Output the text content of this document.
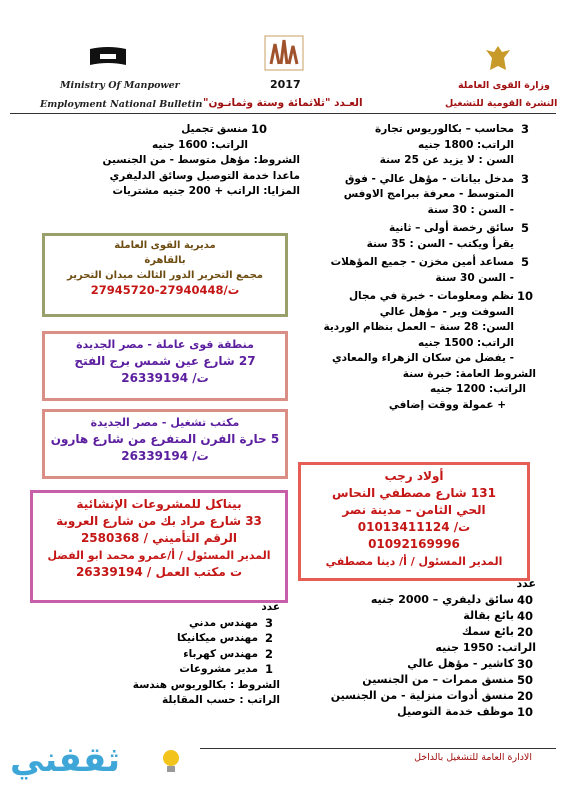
Ministry Of Manpower
Employment National Bulletin
2017
العـدد "ثلاثمائة وستة وثمانـون"
وزارة القوى العاملة
النشرة القومية للتشغيل
3
محاسب – بكالوريوس تجارة
الراتب: 1800 جنيه
السن : لا يزيد عن 25 سنة
3
مدخل بيانات - مؤهل عالي - فوق
المتوسط - معرفة ببرامج الاوفس
- السن : 30 سنة
5
سائق رخصة أولى – ثانية
يقرأ ويكتب - السن : 35 سنة
5
مساعد أمين مخزن - جميع المؤهلات
- السن 30 سنة
10
نظم ومعلومات - خبرة في مجال
السوفت وير - مؤهل عالي
السن: 28 سنة – العمل بنظام الوردية
الراتب: 1500 جنيه
- يفضل من سكان الزهراء والمعادي
الشروط العامة: خبرة سنة
الراتب: 1200 جنيه
+ عمولة ووقت إضافي
10
منسق تجميل
الراتب: 1600 جنيه
الشروط: مؤهل متوسط - من الجنسين
ماعدا خدمة التوصيل وسائق الدليفري
المزايا: الراتب + 200 جنيه مشتريات
مديرية القوى العاملة
بالقاهرة
مجمع التحرير الدور الثالث ميدان التحرير
ت/27940448-27945720
منطقة قوى عاملة - مصر الجديدة
27 شارع عين شمس برج الفتح
ت/ 26339194
مكتب تشغيل - مصر الجديدة
5 حارة الفرن المتفرع من شارع هارون
ت/ 26339194
أولاد رجب
131 شارع مصطفي النحاس
الحي الثامن – مدينة نصر
ت/ 01013411124
01092169996
المدير المسئول / أ/ دينا مصطفي
بيناكل للمشروعات الإنشائية
33 شارع مراد بك من شارع العروبة
الرقم التأميني / 2580368
المدير المسئول / أ/عمرو محمد ابو الفضل
ت مكتب العمل / 26339194
عدد
3
مهندس مدني
2
مهندس ميكانيكا
2
مهندس كهرباء
1
مدير مشروعات
الشروط : بكالوريوس هندسة
الراتب : حسب المقابلة
عدد
40
سائق دليفري – 2000 جنيه
40
بائع بقالة
20
بائع سمك
الراتب: 1950 جنيه
30
كاشير - مؤهل عالي
50
منسق ممرات – من الجنسين
20
منسق أدوات منزلية - من الجنسين
10
موظف خدمة التوصيل
الادارة العامة للتشغيل بالداخل
ثقفني
